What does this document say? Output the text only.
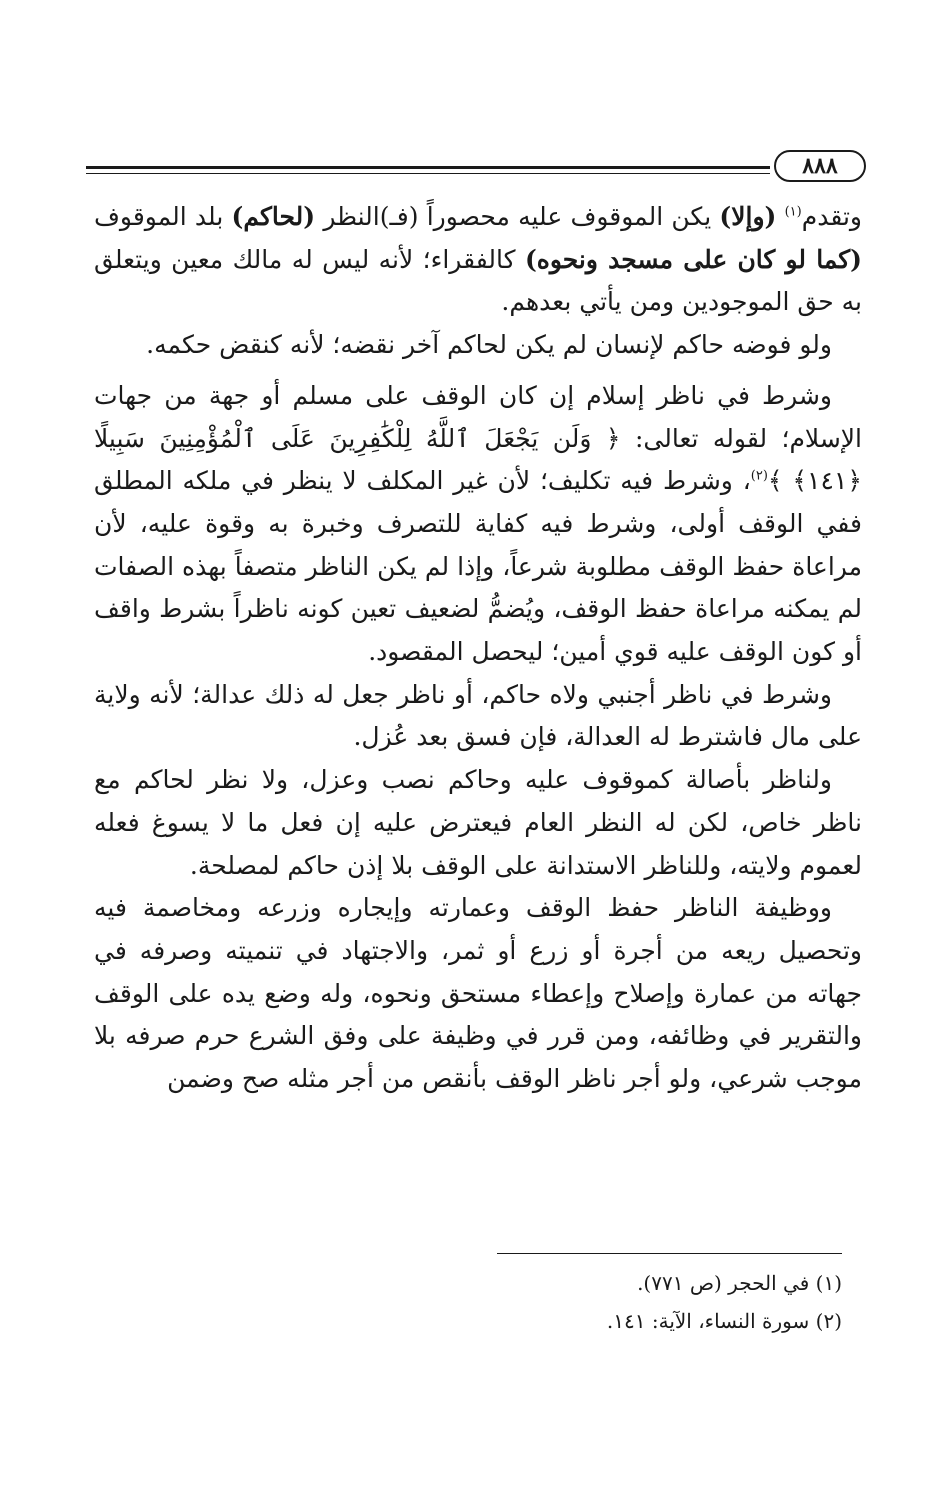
٨٨٨

وتقدم$^{(١)}$ (وإلا) يكن الموقوف عليه محصوراً (فـ)النظر (لحاكم) بلد الموقوف (كما لو كان على مسجد ونحوه) كالفقراء؛ لأنه ليس له مالك معين ويتعلق به حق الموجودين ومن يأتي بعدهم.

ولو فوضه حاكم لإنسان لم يكن لحاكم آخر نقضه؛ لأنه كنقض حكمه.

وشرط في ناظر إسلام إن كان الوقف على مسلم أو جهة من جهات الإسلام؛ لقوله تعالى: ﴿ وَلَن يَجْعَلَ ٱللَّهُ لِلْكَٰفِرِينَ عَلَى ٱلْمُؤْمِنِينَ سَبِيلًا ﴿١٤١﴾ ﴾$^{(٢)}$، وشرط فيه تكليف؛ لأن غير المكلف لا ينظر في ملكه المطلق ففي الوقف أولى، وشرط فيه كفاية للتصرف وخبرة به وقوة عليه، لأن مراعاة حفظ الوقف مطلوبة شرعاً، وإذا لم يكن الناظر متصفاً بهذه الصفات لم يمكنه مراعاة حفظ الوقف، ويُضمُّ لضعيف تعين كونه ناظراً بشرط واقف أو كون الوقف عليه قوي أمين؛ ليحصل المقصود.

وشرط في ناظر أجنبي ولاه حاكم، أو ناظر جعل له ذلك عدالة؛ لأنه ولاية على مال فاشترط له العدالة، فإن فسق بعد عُزل.

ولناظر بأصالة كموقوف عليه وحاكم نصب وعزل، ولا نظر لحاكم مع ناظر خاص، لكن له النظر العام فيعترض عليه إن فعل ما لا يسوغ فعله لعموم ولايته، وللناظر الاستدانة على الوقف بلا إذن حاكم لمصلحة.

ووظيفة الناظر حفظ الوقف وعمارته وإيجاره وزرعه ومخاصمة فيه وتحصيل ريعه من أجرة أو زرع أو ثمر، والاجتهاد في تنميته وصرفه في جهاته من عمارة وإصلاح وإعطاء مستحق ونحوه، وله وضع يده على الوقف والتقرير في وظائفه، ومن قرر في وظيفة على وفق الشرع حرم صرفه بلا موجب شرعي، ولو أجر ناظر الوقف بأنقص من أجر مثله صح وضمن

(١) في الحجر (ص ٧٧١).
(٢) سورة النساء، الآية: ١٤١.
